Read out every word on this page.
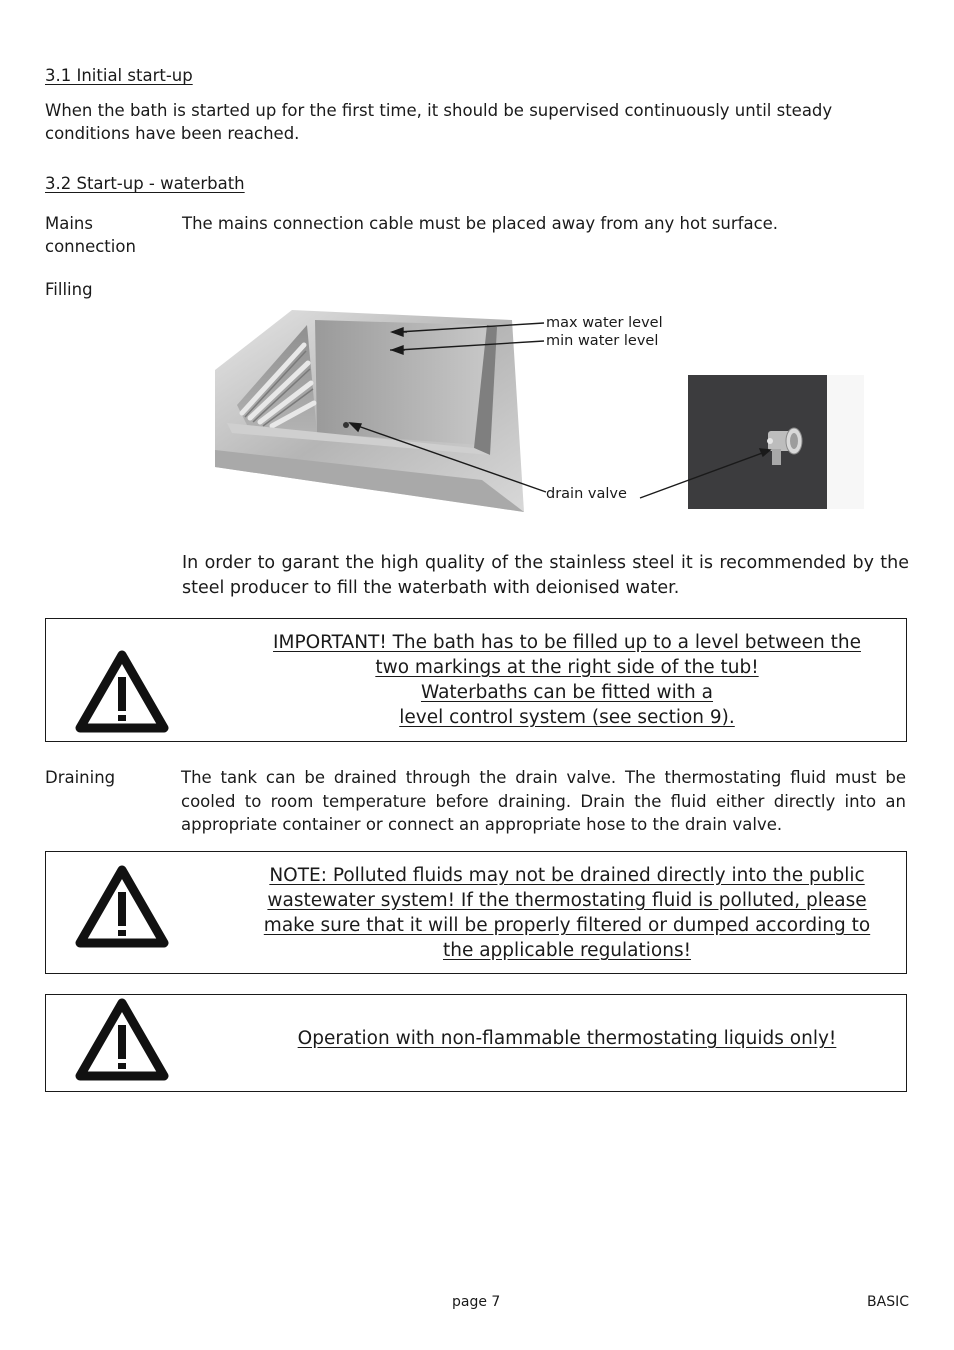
3.1 Initial start-up
When the bath is started up for the first time, it should be supervised continuously until steady conditions have been reached.
3.2 Start-up - waterbath
Mains
connection
The mains connection cable must be placed away from any hot surface.
Filling
max water level
min water level
drain valve
In order to garant the high quality of the stainless steel it is recommended by the steel producer to fill the waterbath with deionised water.
IMPORTANT! The bath has to be filled up to a level between the
two markings at the right side of the tub!
Waterbaths can be fitted with a
level control system (see section 9).
Draining	The tank can be drained through the drain valve. The thermostating fluid must be cooled to room temperature before draining. Drain the fluid either directly into an appropriate container or connect an appropriate hose to the drain valve.
NOTE: Polluted fluids may not be drained directly into the public
wastewater system! If the thermostating fluid is polluted, please
make sure that it will be properly filtered or dumped according to
the applicable regulations!
Operation with non-flammable thermostating liquids only!
page 7	BASIC
